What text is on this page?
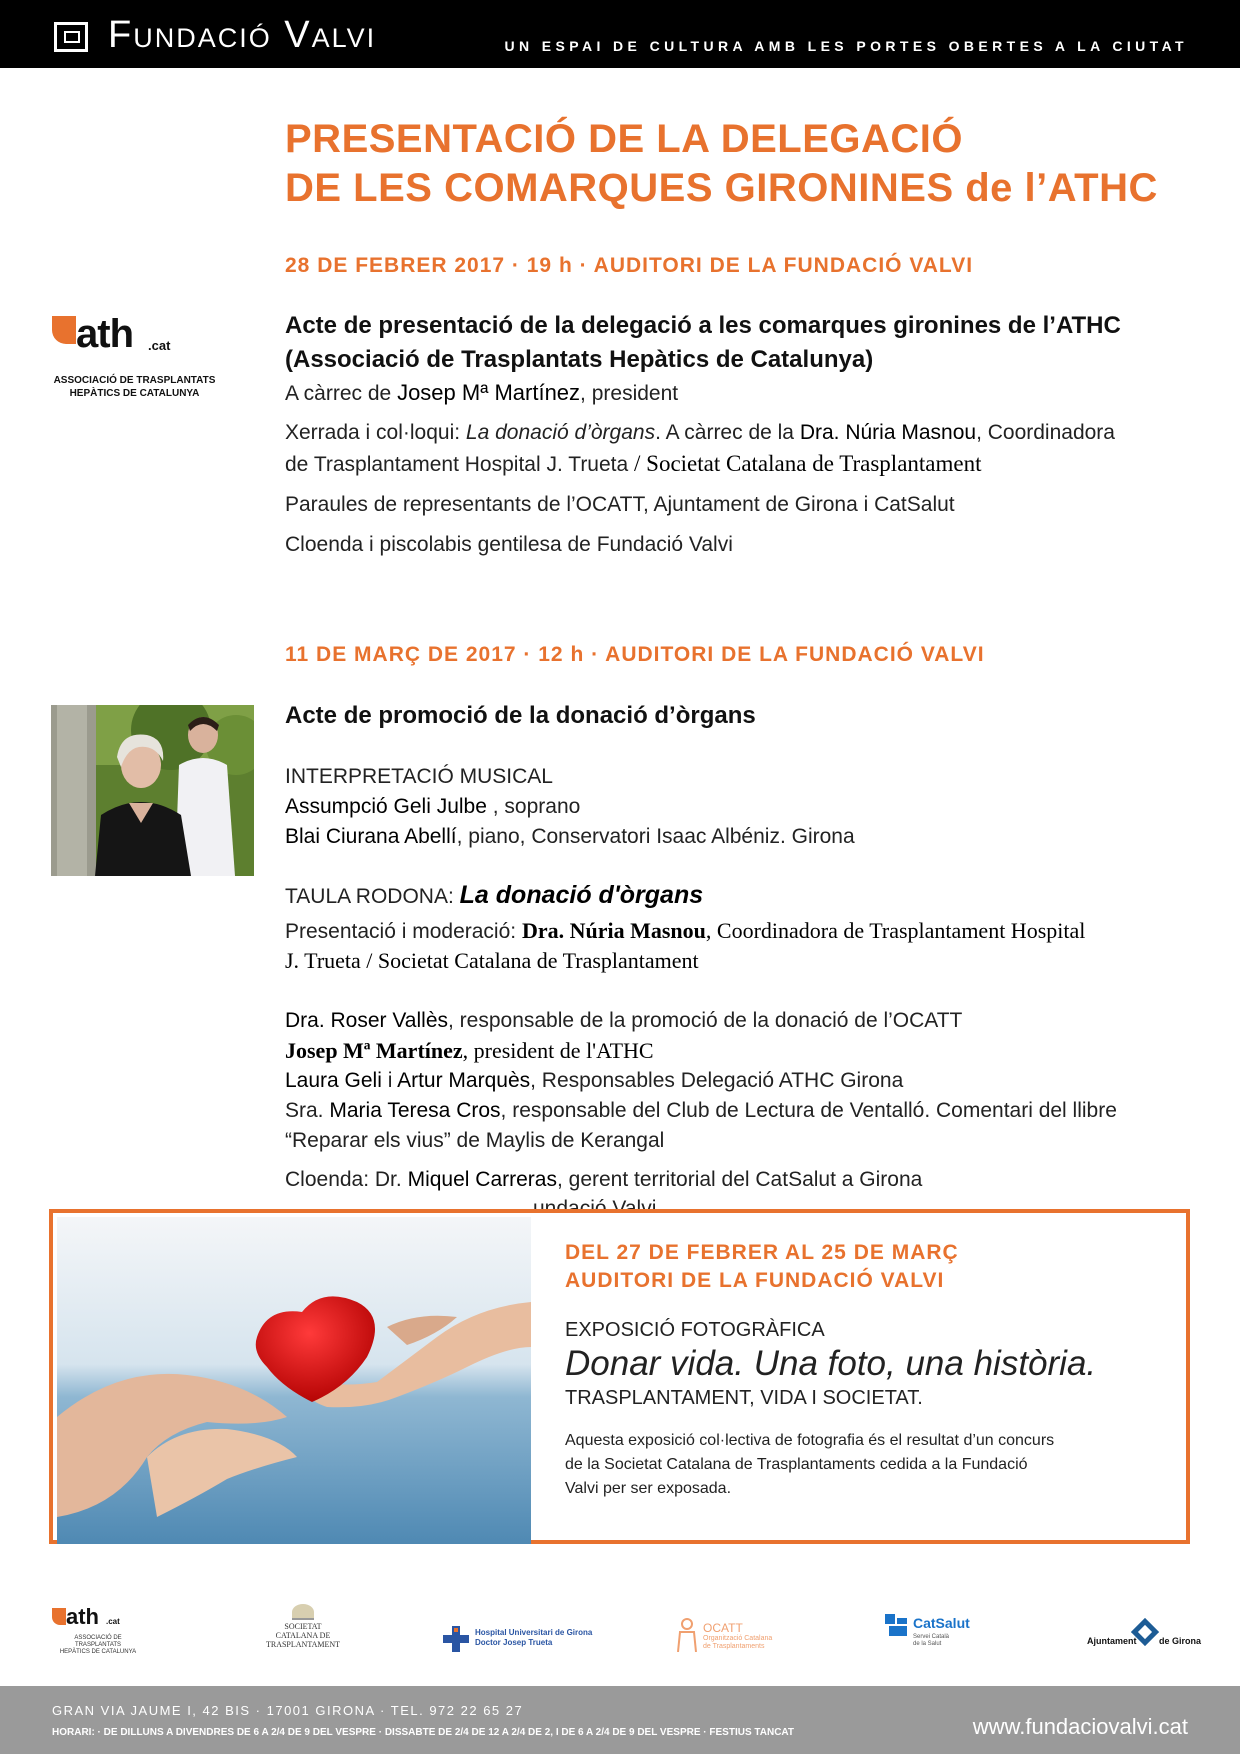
Fundació Valvi	UN ESPAI DE CULTURA AMB LES PORTES OBERTES A LA CIUTAT
PRESENTACIÓ DE LA DELEGACIÓ
DE LES COMARQUES GIRONINES de l’ATHC
28 DE FEBRER 2017 · 19 h · AUDITORI DE LA FUNDACIÓ VALVI
ath .cat
ASSOCIACIÓ DE TRASPLANTATS
HEPÀTICS DE CATALUNYA
Acte de presentació de la delegació a les comarques gironines de l’ATHC
(Associació de Trasplantats Hepàtics de Catalunya)
A càrrec de Josep Mª Martínez, president
Xerrada i col·loqui: La donació d’òrgans. A càrrec de la Dra. Núria Masnou, Coordinadora
de Trasplantament Hospital J. Trueta / Societat Catalana de Trasplantament
Paraules de representants de l’OCATT, Ajuntament de Girona i CatSalut
Cloenda i piscolabis gentilesa de Fundació Valvi
11 DE MARÇ DE 2017 · 12 h · AUDITORI DE LA FUNDACIÓ VALVI
Acte de promoció de la donació d’òrgans
INTERPRETACIÓ MUSICAL
Assumpció Geli Julbe , soprano
Blai Ciurana Abellí, piano, Conservatori Isaac Albéniz. Girona
TAULA RODONA: La donació d'òrgans
Presentació i moderació: Dra. Núria Masnou, Coordinadora de Trasplantament Hospital
J. Trueta / Societat Catalana de Trasplantament
Dra. Roser Vallès, responsable de la promoció de la donació de l’OCATT
Josep Mª Martínez, president de l'ATHC
Laura Geli i Artur Marquès, Responsables Delegació ATHC Girona
Sra. Maria Teresa Cros, responsable del Club de Lectura de Ventalló. Comentari del llibre
“Reparar els vius” de Maylis de Kerangal
Cloenda: Dr. Miquel Carreras, gerent territorial del CatSalut a Girona
DEL 27 DE FEBRER AL 25 DE MARÇ
AUDITORI DE LA FUNDACIÓ VALVI
EXPOSICIÓ FOTOGRÀFICA
Donar vida. Una foto, una història.
TRASPLANTAMENT, VIDA I SOCIETAT.
Aquesta exposició col·lectiva de fotografia és el resultat d’un concurs
de la Societat Catalana de Trasplantaments cedida a la Fundació
Valvi per ser exposada.
ath .cat
ASSOCIACIÓ DE TRASPLANTATS
HEPÀTICS DE CATALUNYA
SOCIETAT
CATALANA DE
TRASPLANTAMENT
Hospital Universitari de Girona
Doctor Josep Trueta
OCATT
Organització Catalana
de Trasplantaments
CatSalut
Servei Català
de la Salut	Ajuntament	de Girona
GRAN VIA JAUME I, 42 BIS · 17001 GIRONA · TEL. 972 22 65 27
HORARI: · DE DILLUNS A DIVENDRES DE 6 A 2/4 DE 9 DEL VESPRE · DISSABTE DE 2/4 DE 12 A 2/4 DE 2, I DE 6 A 2/4 DE 9 DEL VESPRE · FESTIUS TANCAT	www.fundaciovalvi.cat
